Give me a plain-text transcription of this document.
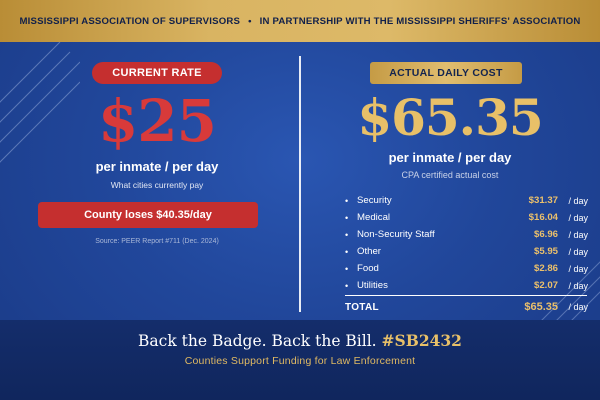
MISSISSIPPI ASSOCIATION OF SUPERVISORS • IN PARTNERSHIP WITH THE MISSISSIPPI SHERIFFS' ASSOCIATION
CURRENT RATE
$25
per inmate / per day
What cities currently pay
County loses $40.35/day
Source: PEER Report #711 (Dec. 2024)
ACTUAL DAILY COST
$65.35
per inmate / per day
CPA certified actual cost
• Security	$31.37	/ day
• Medical	$16.04	/ day
• Non-Security Staff	$6.96	/ day
• Other	$5.95	/ day
• Food	$2.86	/ day
• Utilities	$2.07	/ day
TOTAL	$65.35	/ day
Back the Badge. Back the Bill. #SB2432
Counties Support Funding for Law Enforcement
